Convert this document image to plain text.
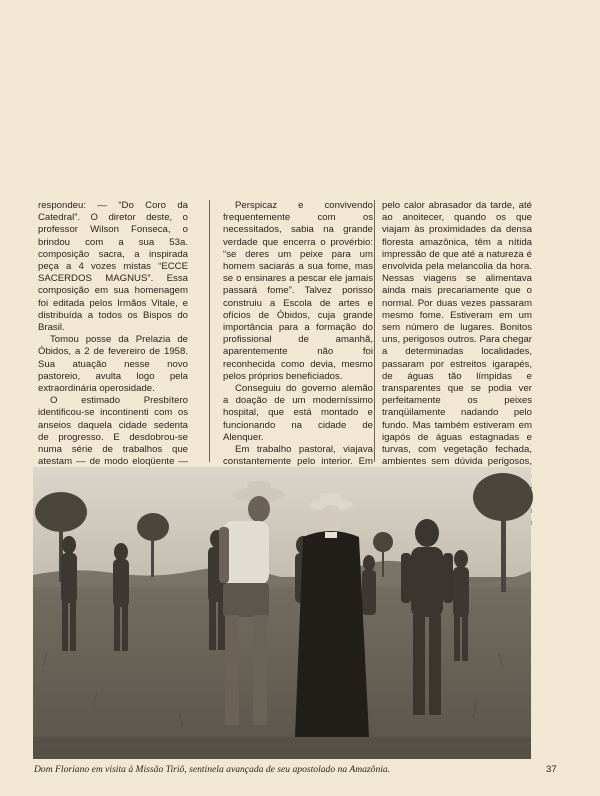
respondeu: — “Do Coro da Catedral”. O diretor deste, o professor Wilson Fonseca, o brindou com a sua 53a. composição sacra, a inspirada peça a 4 vozes mistas “ECCE SACERDOS MAGNUS”. Essa composição em sua homenagem foi editada pelos Irmãos Vitale, e distribuída a todos os Bispos do Brasil.

Tomou posse da Prelazia de Óbidos, a 2 de fevereiro de 1958. Sua atuação nesse novo pastoreio, avulta logo pela extraordinária operosidade.

O estimado Presbítero identificou-se incontinenti com os anseios daquela cidade sedenta de progresso. E desdobrou-se numa série de trabalhos que atestam — de modo eloqüente —

Perspicaz e convivendo frequentemente com os necessitados, sabia na grande verdade que encerra o provérbio: “se deres um peixe para um homem saciarás a sua fome, mas se o ensinares a pescar ele jamais passará fome”. Talvez porisso construiu a Escola de artes e ofícios de Óbidos, cuja grande importância para a formação do profissional de amanhã, aparentemente não foi reconhecida como devia, mesmo pelos próprios beneficiados.

Conseguiu do governo alemão a doação de um moderníssimo hospital, que está montado e funcionando na cidade de Alenquer.

Em trabalho pastoral, viajava constantemente pelo interior. Em

pelo calor abrasador da tarde, até ao anoitecer, quando os que viajam às proximidades da densa floresta amazônica, têm a nítida impressão de que até a natureza é envolvida pela melancolia da hora. Nessas viagens se alimentava ainda mais precariamente que o normal. Por duas vezes passaram mesmo fome. Estiveram em um sem número de lugares. Bonitos uns, perigosos outros. Para chegar a determinadas localidades, passaram por estreitos igarapés, de águas tão límpidas e transparentes que se podia ver perfeitamente os peixes tranqüilamente nadando pelo fundo. Mas também estiveram em igapós de águas estagnadas e turvas, com vegetação fechada, ambientes sem dúvida perigosos,

Dom Floriano em visita à Missão Tiriô, sentinela avançada de seu apostolado na Amazônia.	37
